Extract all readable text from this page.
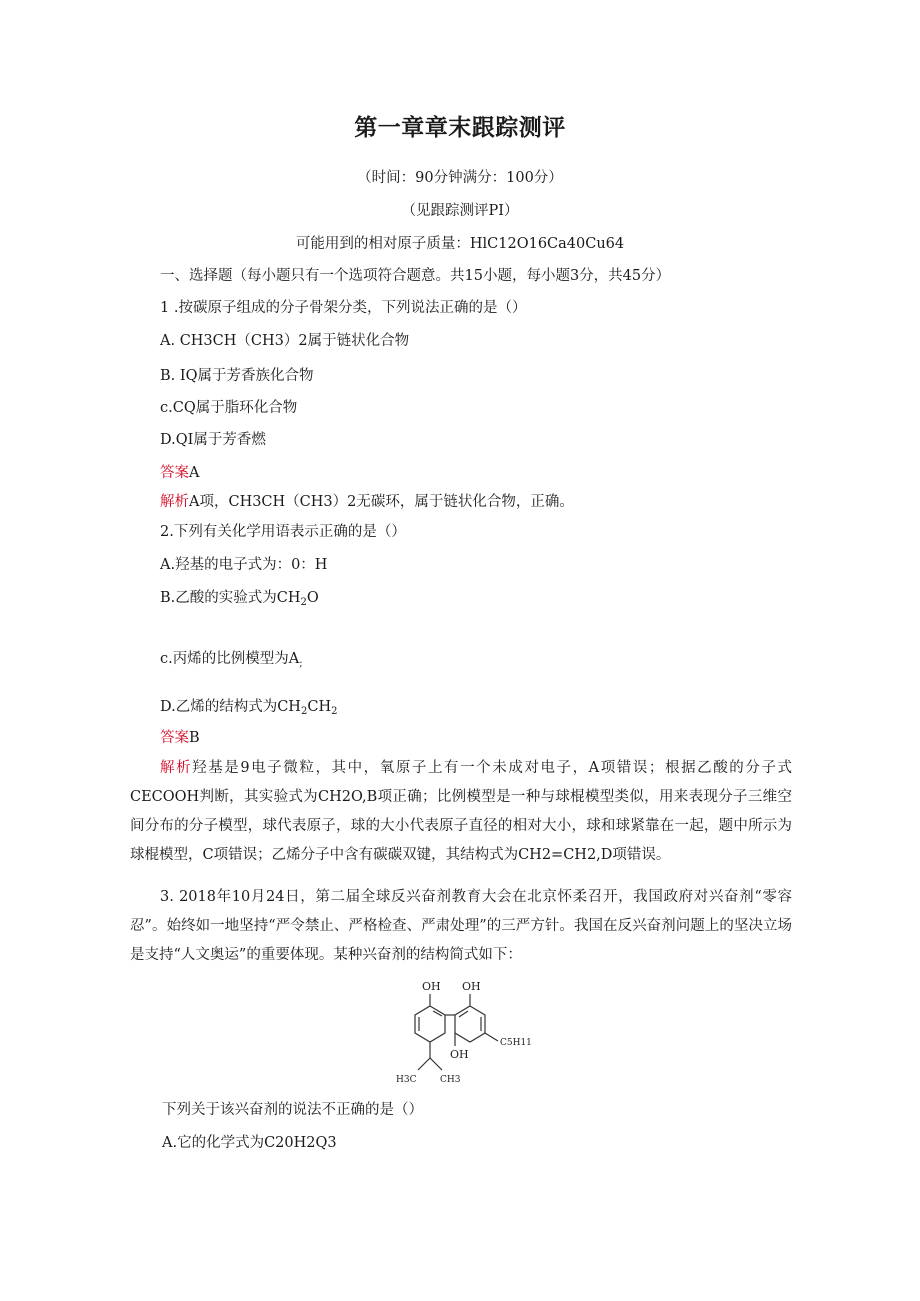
第一章章末跟踪测评
（时间：90分钟满分：100分）
（见跟踪测评PI）
可能用到的相对原子质量：HlC12O16Ca40Cu64
一、选择题（每小题只有一个选项符合题意。共15小题，每小题3分，共45分）
1 .按碳原子组成的分子骨架分类，下列说法正确的是（）
A. CH3CH（CH3）2属于链状化合物
B. IQ属于芳香族化合物
c.CQ属于脂环化合物
D.QI属于芳香燃
答案A
解析A项，CH3CH（CH3）2无碳环，属于链状化合物，正确。
2.下列有关化学用语表示正确的是（）
A.羟基的电子式为：0：H
B.乙酸的实验式为$CH_2O$
c.丙烯的比例模型为$A_;$
D.乙烯的结构式为$CH_2CH_2$
答案B
解析羟基是9电子微粒，其中，氧原子上有一个未成对电子，A项错误；根据乙酸的分子式CECOOH判断，其实验式为CH2O,B项正确；比例模型是一种与球棍模型类似，用来表现分子三维空间分布的分子模型，球代表原子，球的大小代表原子直径的相对大小，球和球紧靠在一起，题中所示为球棍模型，C项错误；乙烯分子中含有碳碳双键，其结构式为CH2=CH2,D项错误。
3. 2018年10月24日，第二届全球反兴奋剂教育大会在北京怀柔召开，我国政府对兴奋剂“零容忍”。始终如一地坚持“严令禁止、严格检查、严肃处理”的三严方针。我国在反兴奋剂问题上的坚决立场是支持“人文奥运”的重要体现。某种兴奋剂的结构简式如下：
OH OH
OH
C5H11
H3C	CH3
下列关于该兴奋剂的说法不正确的是（）
A.它的化学式为C20H2Q3
